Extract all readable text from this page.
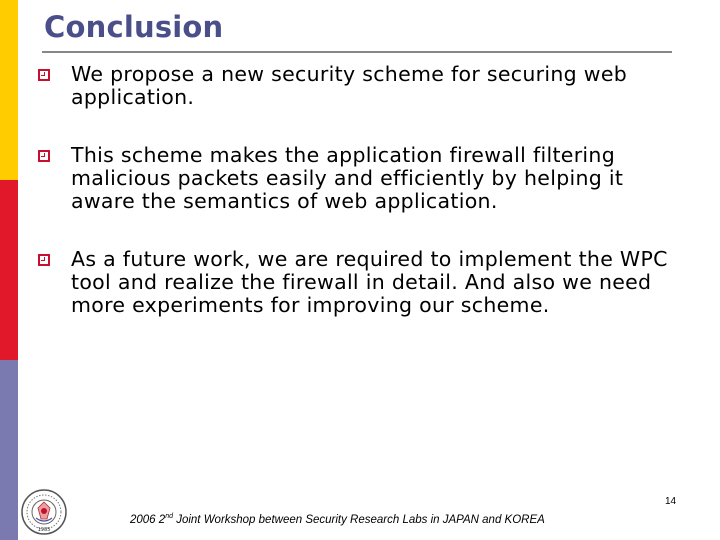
Conclusion
We propose a new security scheme for securing web application.
This scheme makes the application firewall filtering malicious packets easily and efficiently by helping it aware the semantics of web application.
As a future work, we are required to implement the WPC tool and realize the firewall in detail. And also we need more experiments for improving our scheme.
14
2006 2nd Joint Workshop between Security Research Labs in JAPAN and KOREA
1985
